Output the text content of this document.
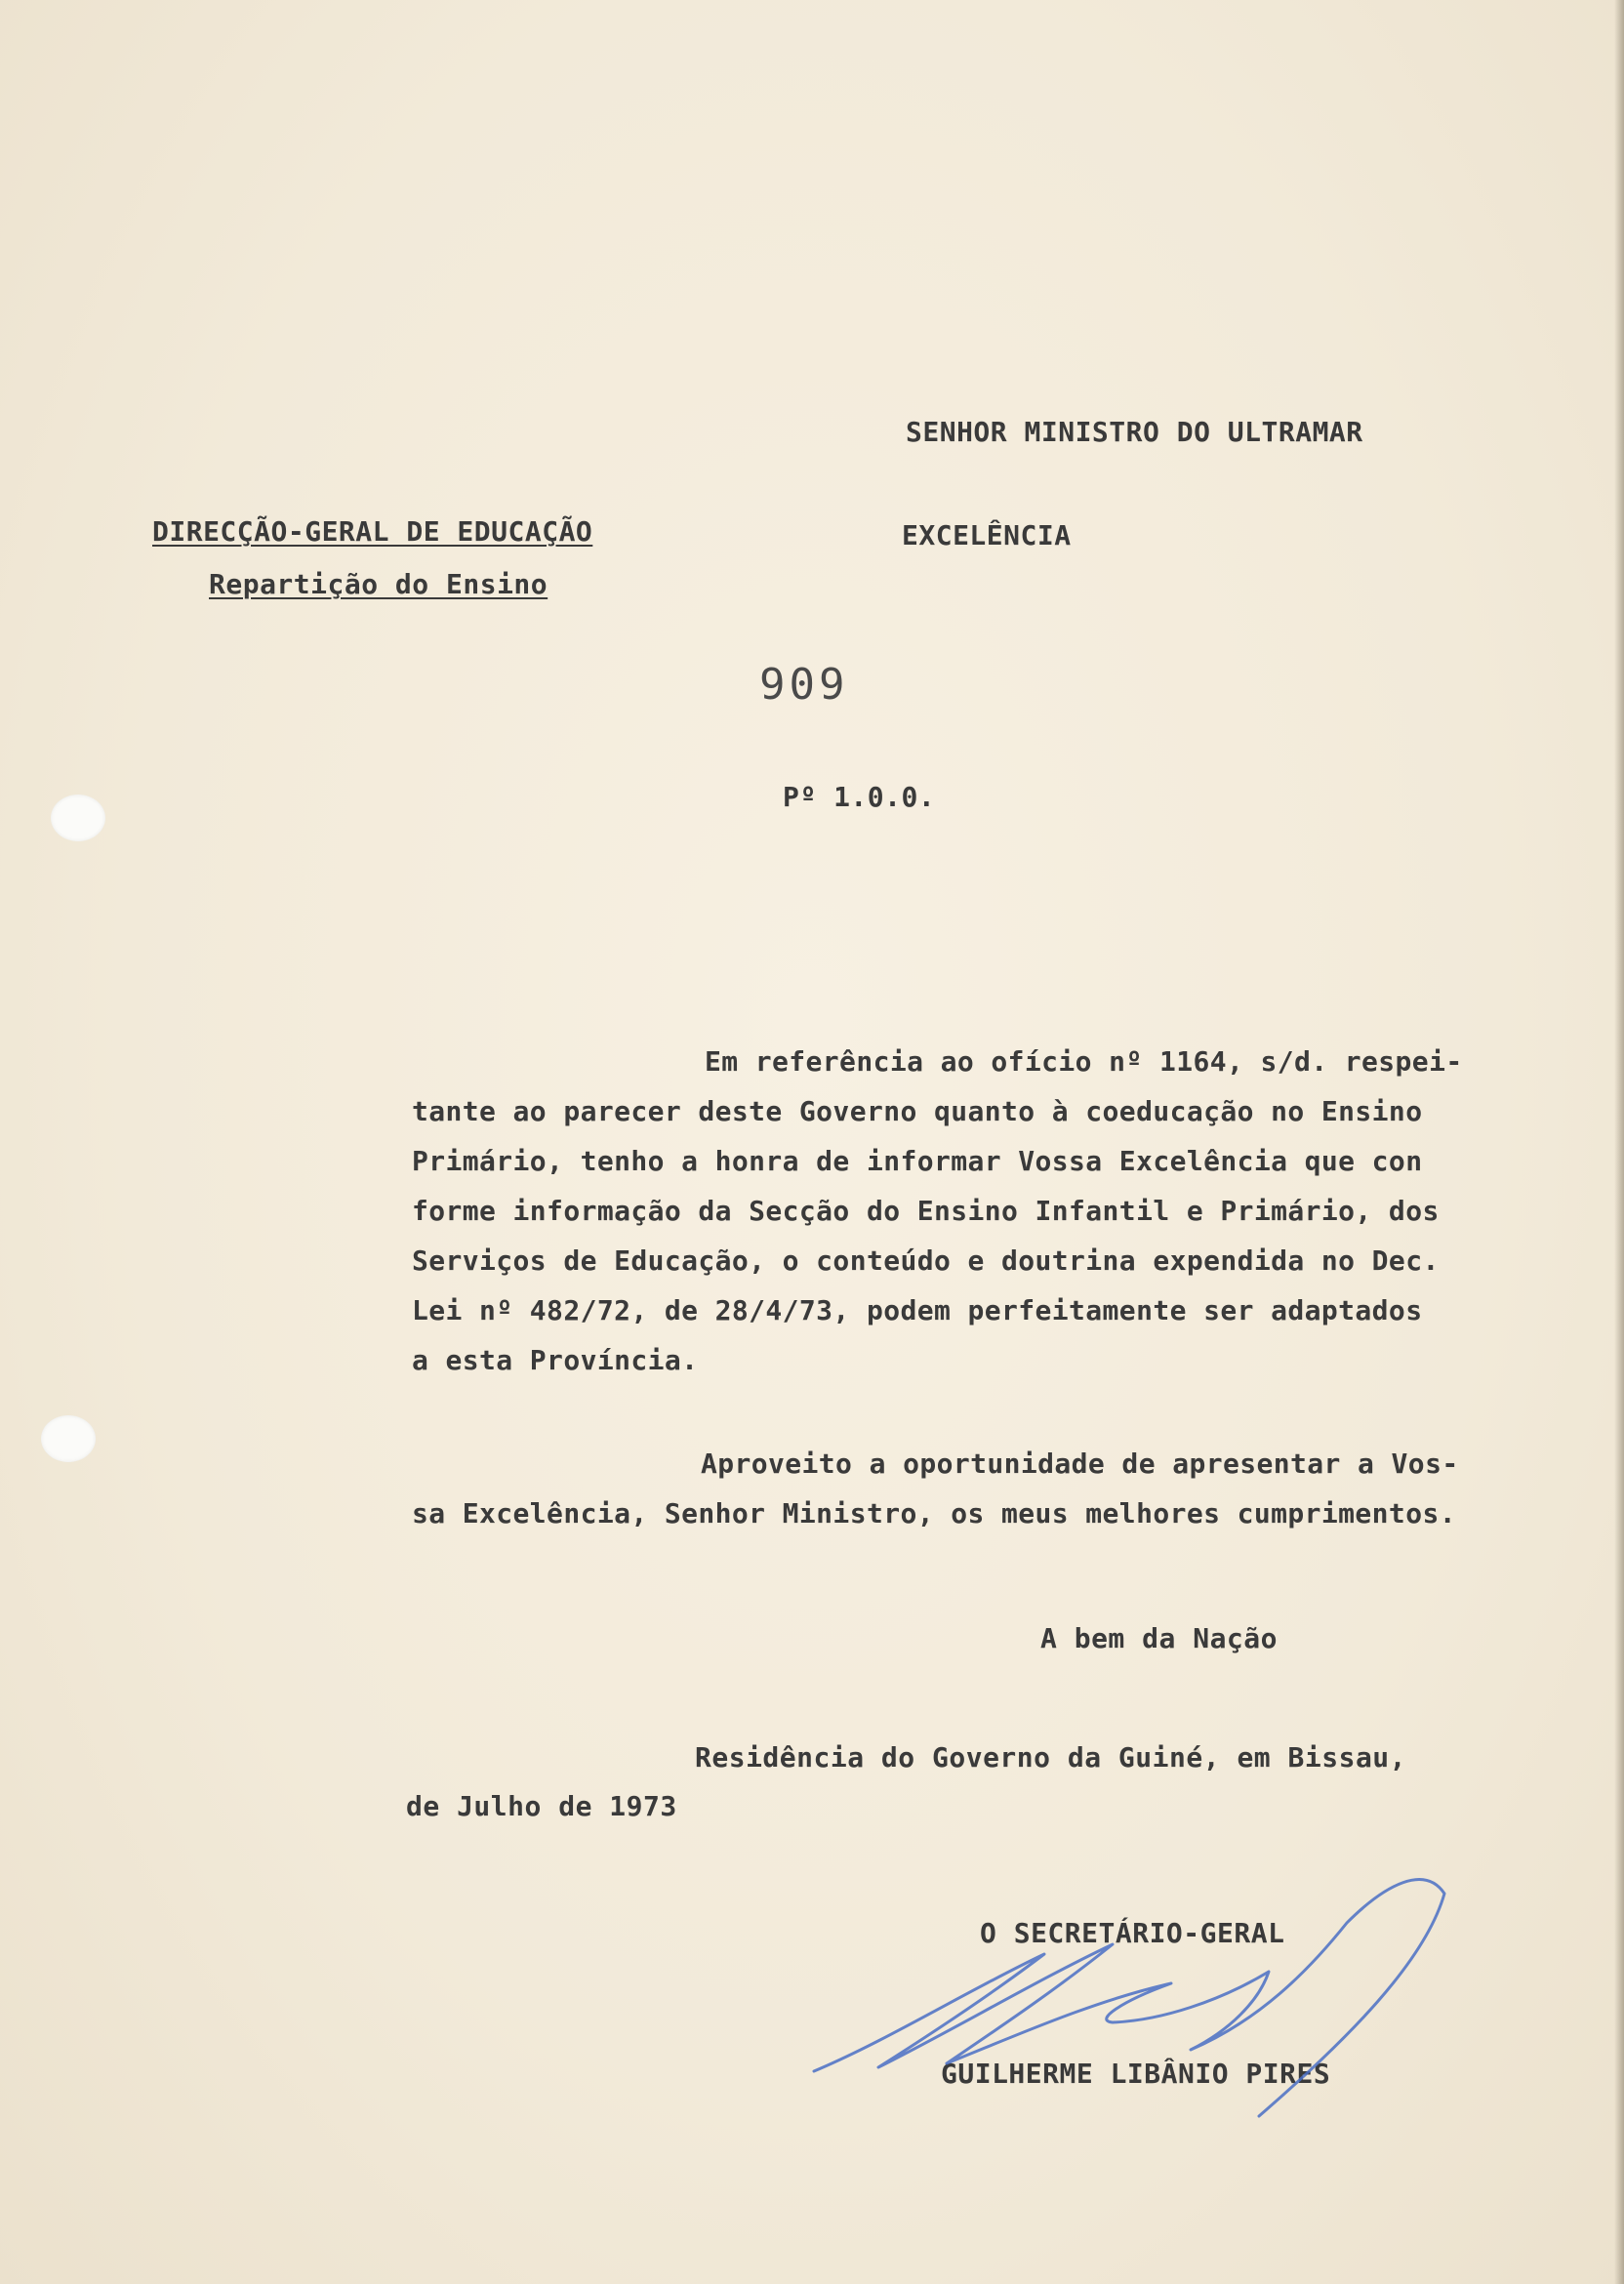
SENHOR MINISTRO DO ULTRAMAR
EXCELÊNCIA
DIRECÇÃO-GERAL DE EDUCAÇÃO
Repartição do Ensino
909
Pº 1.0.0.
Em referência ao ofício nº 1164, s/d. respei-
tante ao parecer deste Governo quanto à coeducação no Ensino
Primário, tenho a honra de informar Vossa Excelência que con
forme informação da Secção do Ensino Infantil e Primário, dos
Serviços de Educação, o conteúdo e doutrina expendida no Dec.
Lei nº 482/72, de 28/4/73, podem perfeitamente ser adaptados
a esta Província.
Aproveito a oportunidade de apresentar a Vos-
sa Excelência, Senhor Ministro, os meus melhores cumprimentos.
A bem da Nação
Residência do Governo da Guiné, em Bissau,
de Julho de 1973
O SECRETÁRIO-GERAL
GUILHERME LIBÂNIO PIRES
